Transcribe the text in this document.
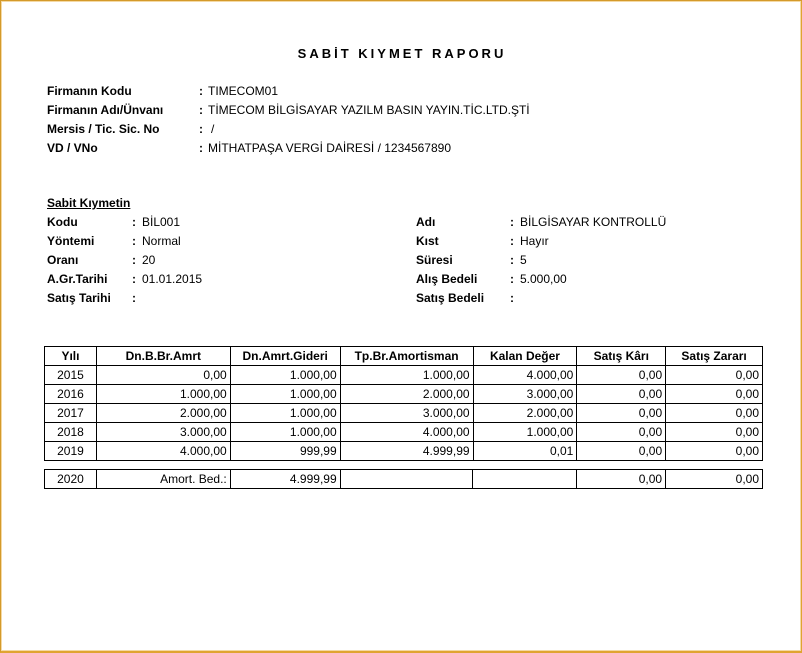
SABİT KIYMET RAPORU
Firmanın Kodu	: TIMECOM01
Firmanın Adı/Ünvanı	: TİMECOM BİLGİSAYAR YAZILM BASIN YAYIN.TİC.LTD.ŞTİ
Mersis / Tic. Sic. No	: /
VD / VNo	: MİTHATPAŞA VERGİ DAİRESİ / 1234567890
Sabit Kıymetin
Kodu	: BİL001
Yöntemi	: Normal
Oranı	: 20
A.Gr.Tarihi : 01.01.2015
Satış Tarihi :
Adı	: BİLGİSAYAR KONTROLLÜ
Kıst	: Hayır
Süresi	: 5
Alış Bedeli	: 5.000,00
Satış Bedeli :
Yılı	Dn.B.Br.Amrt	Dn.Amrt.Gideri	Tp.Br.Amortisman	Kalan Değer	Satış Kârı	Satış Zararı
2015	0,00	1.000,00	1.000,00	4.000,00	0,00	0,00
2016	1.000,00	1.000,00	2.000,00	3.000,00	0,00	0,00
2017	2.000,00	1.000,00	3.000,00	2.000,00	0,00	0,00
2018	3.000,00	1.000,00	4.000,00	1.000,00	0,00	0,00
2019	4.000,00	999,99	4.999,99	0,01	0,00	0,00
2020	Amort. Bed.:	4.999,99			0,00	0,00
